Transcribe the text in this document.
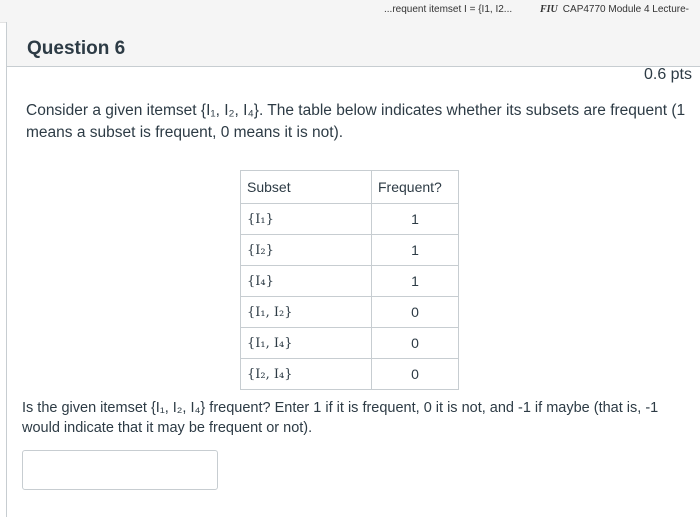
...requent itemset I = {I1, I2...	FIU CAP4770 Module 4 Lecture-
Question 6
0.6 pts
Consider a given itemset {I₁, I₂, I₄}. The table below indicates whether its subsets are frequent (1 means a subset is frequent, 0 means it is not).
Subset	Frequent?
{I₁}	1
{I₂}	1
{I₄}	1
{I₁, I₂}	0
{I₁, I₄}	0
{I₂, I₄}	0
Is the given itemset {I₁, I₂, I₄} frequent? Enter 1 if it is frequent, 0 it is not, and -1 if maybe (that is, -1 would indicate that it may be frequent or not).
